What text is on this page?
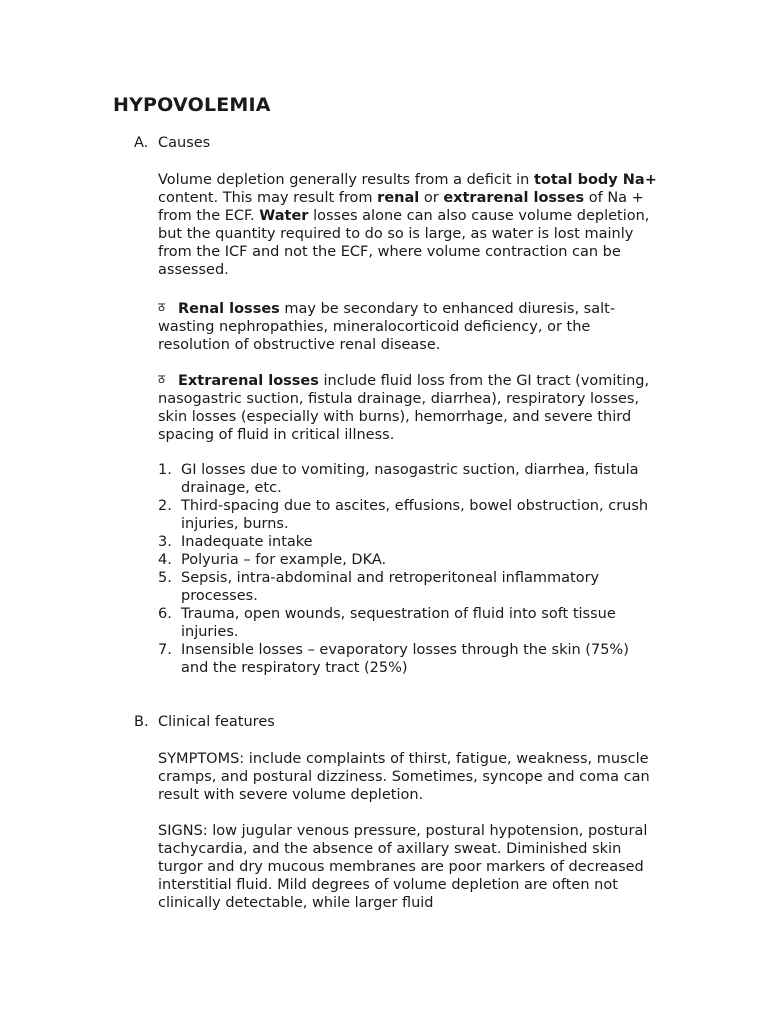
HYPOVOLEMIA
A. Causes

Volume depletion generally results from a deficit in total body Na+ content. This may result from renal or extrarenal losses of Na + from the ECF. Water losses alone can also cause volume depletion, but the quantity required to do so is large, as water is lost mainly from the ICF and not the ECF, where volume contraction can be assessed.

ठ Renal losses may be secondary to enhanced diuresis, salt-wasting nephropathies, mineralocorticoid deficiency, or the resolution of obstructive renal disease.

ठ Extrarenal losses include fluid loss from the GI tract (vomiting, nasogastric suction, fistula drainage, diarrhea), respiratory losses, skin losses (especially with burns), hemorrhage, and severe third spacing of fluid in critical illness.

1. GI losses due to vomiting, nasogastric suction, diarrhea, fistula drainage, etc.
2. Third-spacing due to ascites, effusions, bowel obstruction, crush injuries, burns.
3. Inadequate intake
4. Polyuria – for example, DKA.
5. Sepsis, intra-abdominal and retroperitoneal inflammatory processes.
6. Trauma, open wounds, sequestration of fluid into soft tissue injuries.
7. Insensible losses – evaporatory losses through the skin (75%) and the respiratory tract (25%)
B. Clinical features

SYMPTOMS: include complaints of thirst, fatigue, weakness, muscle cramps, and postural dizziness. Sometimes, syncope and coma can result with severe volume depletion.

SIGNS: low jugular venous pressure, postural hypotension, postural tachycardia, and the absence of axillary sweat. Diminished skin turgor and dry mucous membranes are poor markers of decreased interstitial fluid. Mild degrees of volume depletion are often not clinically detectable, while larger fluid
